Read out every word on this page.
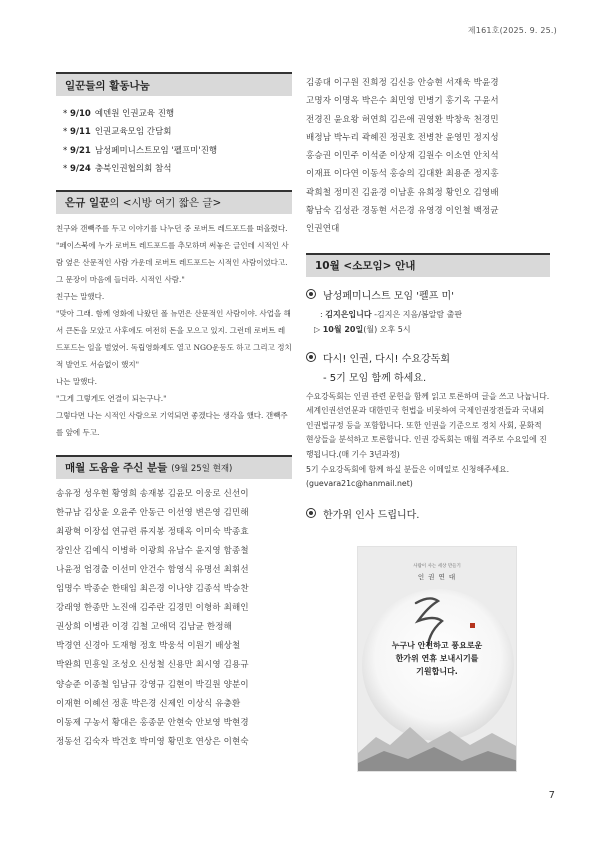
제161호(2025. 9. 25.)
일꾼들의 활동나눔
* 9/10 예덴원 인권교육 진행
* 9/11 인권교육모임 간담회
* 9/21 남성페미니스트모임 '펠프미'진행
* 9/24 충북인권협의회 참석
은규 일꾼 의 <시방 여기 짧은 글>

친구와 갠빽주를 두고 이야기를 나누던 중 로버트 레드포드를 떠올렸다.

"페이스북에 누가 로버트 레드포드를 추모하며 써놓은 글인데 시적인 사람 옆은 산문적인 사람 가운데 로버트 레드포드는 시적인 사람이었다고. 그 문장이 마음에 들더라. 시적인 사람."

친구는 말했다.

"맞아 그래. 함께 영화에 나왔던 폴 뉴먼은 산문적인 사람이야. 사업을 해서 큰돈을 모았고 사후에도 여전히 돈을 모으고 있지. 그런데 로버트 레드포드는 일을 벌였어. 독립영화제도 열고 NGO운동도 하고 그리고 정치적 발언도 서슴없이 했지"

나는 말했다.

"그게 그렇게도 연결이 되는구나."

그렇다면 나는 시적인 사람으로 기억되면 좋겠다는 생각을 했다. 갠빽주를 앞에 두고.

매월 도움을 주신 분들 (9월 25일 현재)

송유정 성우현 황영희 송재봉 김윤모 이웅로 신선이

한규남 김상윤 오윤주 안동근 이선영 변은영 김민해

최광혁 이장섭 연규련 류지봉 정태옥 이미숙 박종효

장인산 김예식 이병하 이광희 유남수 윤지영 함종철

나윤정 엄경출 이선미 안건수 함영식 유명선 최휘선

임명수 박종순 한태임 최은경 이나양 김종석 박승찬

강래영 한종만 노진애 김주란 김경민 이형하 최해인

권상희 이병관 이경 김철 고애덕 김남균 한정해

박경연 신경아 도재형 정호 박웅석 이원기 배상철

박완희 민흥일 조성오 신성철 신용만 최시영 김용규

양승준 이종철 임남규 강영규 김현이 박길원 양분이

이재현 이혜선 정훈 박은경 신제인 이상식 유충환

이동제 구농서 황대은 홍종문 안현숙 안보영 박현경

정동선 김숙자 박건호 박미영 황민호 연상은 이현숙

김종대 이구원 진희정 김신응 안승현 서재욱 박윤경

고명자 이명옥 박은수 최민영 민병기 홍기옥 구윤서

전경진 윤요왕 허연희 김은애 권영환 박창욱 천경민

배정남 박누리 곽혜진 정권호 전병찬 윤영민 정지성

홍승권 이민주 이석준 이상재 김원수 이소연 안치석

이재표 이다연 이동석 홍승의 김대환 최용준 정지홍

곽희철 정미진 김윤경 이남훈 유희정 황인오 김영배

황남숙 김성관 경동현 서은경 유영경 이인철 백정균

인권연대

10월 <소모임> 안내
남성페미니스트 모임 '펠프 미'
: 김지은입니다 -김지은 지음/봄알람 출판
▷ 10월 20일(월) 오후 5시
다시! 인권, 다시! 수요강독회
- 5기 모임 함께 하세요.

수요강독회는 인권 관련 문헌을 함께 읽고 토론하며 글을 쓰고 나눕니다.

세계인권선언문과 대한민국 헌법을 비롯하여 국제인권장전들과 국내외 인권법규정 등을 포함합니다. 또한 인권을 기준으로 정치 사회, 문화적 현상들을 분석하고 토론합니다. 인권 강독회는 매월 격주로 수요일에 진행됩니다.(매 기수 3년과정)

5기 수요강독회에 함께 하실 분들은 이메일로 신청해주세요. (guevara21c@hanmail.net)

한가위 인사 드립니다.
사람이 사는 세상 만들기
인 권 연 대
누구나 안전하고 풍요로운
한가위 연휴 보내시기를
기원합니다.
7
